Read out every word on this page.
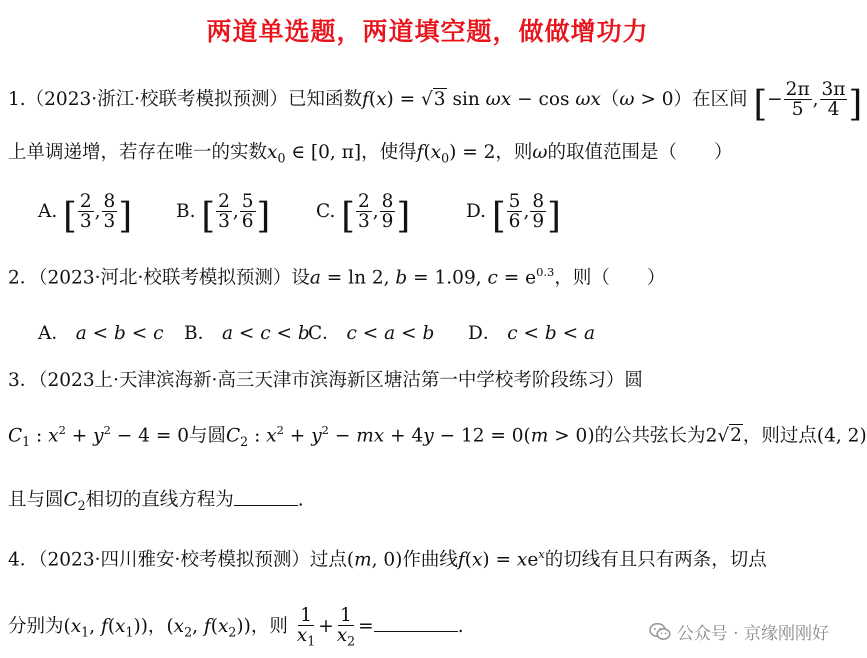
两道单选题，两道填空题，做做增功力
1.（2023·浙江·校联考模拟预测）已知函数f(x) = √3 sin ωx − cos ωx（ω > 0）在区间 [− $\frac{2\pi}{5}$ , $\frac{3\pi}{4}$ ]
上单调递增，若存在唯一的实数$x_0$ ∈ [0, π]，使得$f(x_0) = 2$，则ω的取值范围是（　　）
A. [ $\frac{2}{3}$ , $\frac{8}{3}$ ] B. [ $\frac{2}{3}$ , $\frac{5}{6}$ ] C. [ $\frac{2}{3}$ , $\frac{8}{9}$ ]	D. [ $\frac{5}{6}$ , $\frac{8}{9}$ ]
2．（2023·河北·校联考模拟预测）设a = ln 2, b = 1.09, $c = e^{0.3}$，则（　　）
A． a < b < c B． a < c < b
C． c < a < b D． c < b < a
3．（2023上·天津滨海新·高三天津市滨海新区塘沽第一中学校考阶段练习）圆
$C_1$ : $x^2 + y^2 - 4 = 0$与圆$C_2$ : $x^2 + y^2$ − mx + 4y − 12 = 0(m > 0)的公共弦长为2√2，则过点(4, 2)
且与圆$C_2$相切的直线方程为	.
4．（2023·四川雅安·校考模拟预测）过点(m, 0)作曲线$f(x) = xe^x$的切线有且只有两条，切点
分别为($x_1$, $f(x_1)$)，($x_2$, $f(x_2)$)，则 $\frac{1}{x_1} + \frac{1}{x_2}$ =	.	公众号 · 京缘刚刚好
